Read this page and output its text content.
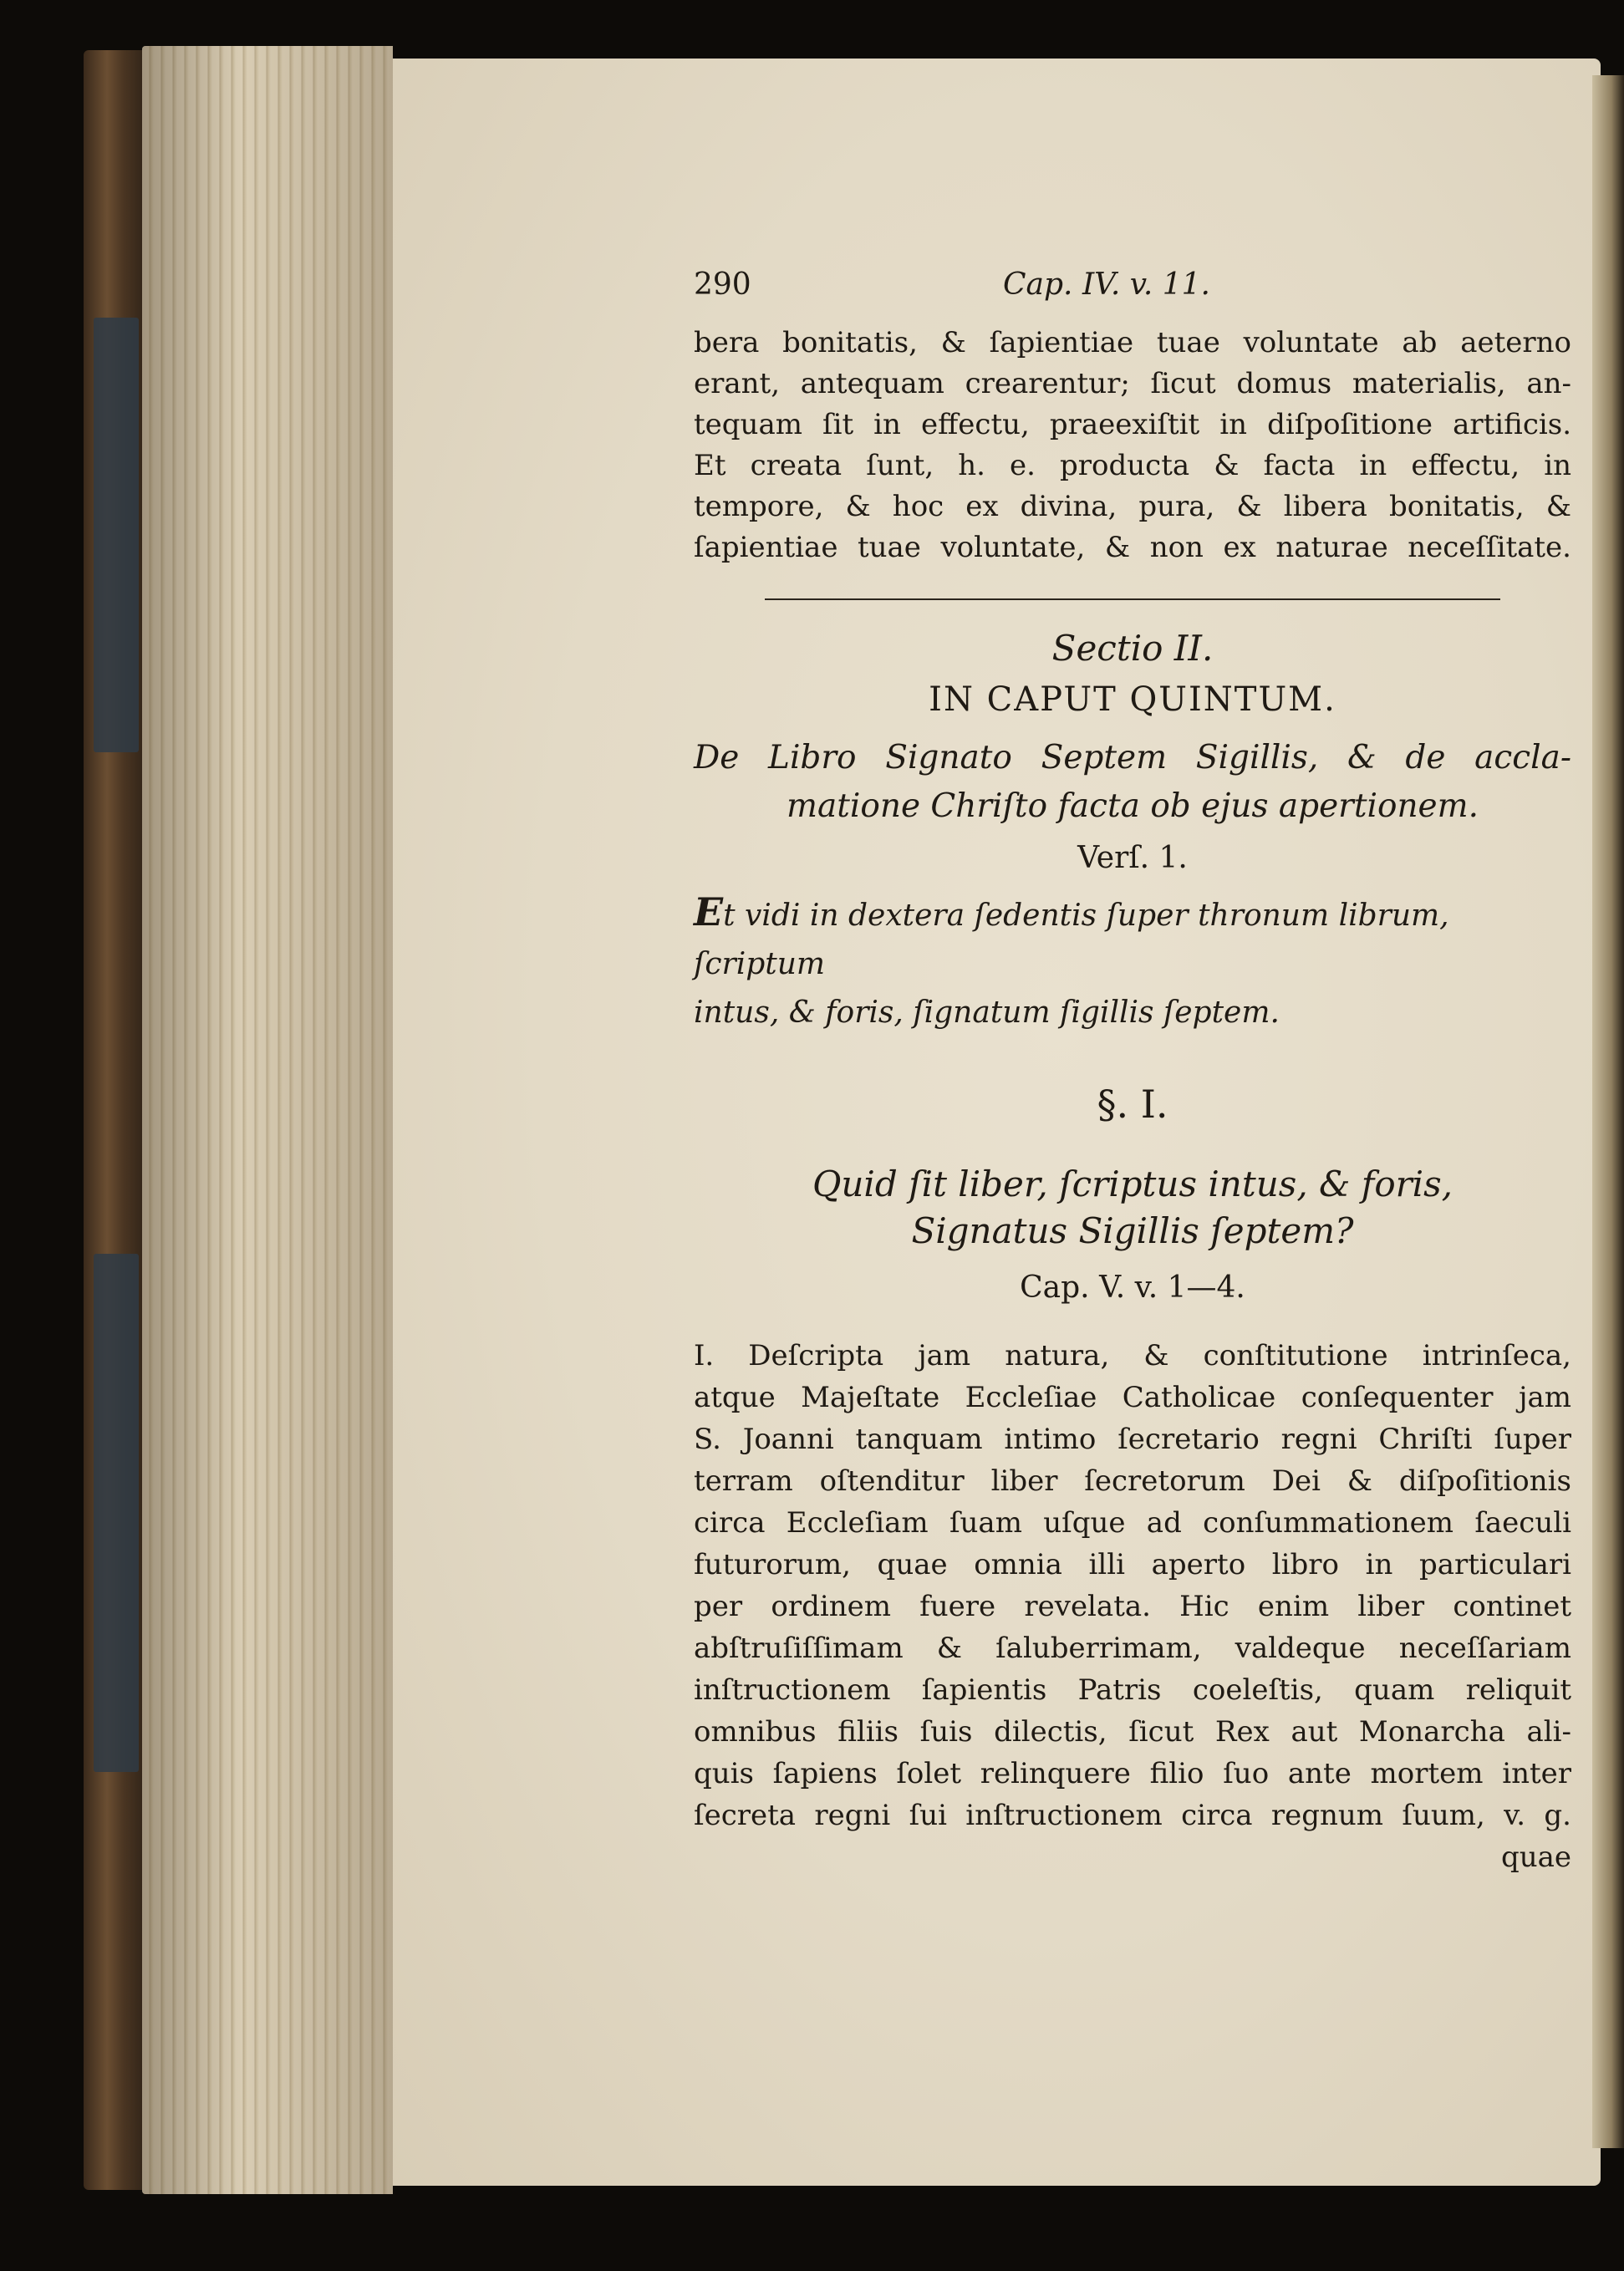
290	Cap. IV. v. 11.

bera bonitatis, & ſapientiae tuae voluntate ab aeterno
erant, antequam crearentur; ſicut domus materialis, an-
tequam ſit in effectu, praeexiſtit in diſpoſitione artificis.
Et creata ſunt, h. e. producta & facta in effectu, in
tempore, & hoc ex divina, pura, & libera bonitatis, &
ſapientiae tuae voluntate, & non ex naturae neceſſitate.

Sectio II.
IN CAPUT QUINTUM.
De Libro Signato Septem Sigillis, & de accla-
matione Chriſto facta ob ejus apertionem.
Verſ. 1.
Et vidi in dextera ſedentis ſuper thronum librum, ſcriptum
intus, & foris, ſignatum ſigillis ſeptem.
§. I.
Quid ſit liber, ſcriptus intus, & foris,
Signatus Sigillis ſeptem?
Cap. V. v. 1—4.

I. Deſcripta jam natura, & conſtitutione intrinſeca,
atque Majeſtate Eccleſiae Catholicae conſequenter jam
S. Joanni tanquam intimo ſecretario regni Chriſti ſuper
terram oſtenditur liber ſecretorum Dei & diſpoſitionis
circa Eccleſiam ſuam uſque ad conſummationem ſaeculi
futurorum, quae omnia illi aperto libro in particulari
per ordinem fuere revelata. Hic enim liber continet
abſtruſiſſimam & ſaluberrimam, valdeque neceſſariam
inſtructionem ſapientis Patris coeleſtis, quam reliquit
omnibus filiis ſuis dilectis, ſicut Rex aut Monarcha ali-
quis ſapiens ſolet relinquere filio ſuo ante mortem inter
ſecreta regni ſui inſtructionem circa regnum ſuum, v. g.

quae
